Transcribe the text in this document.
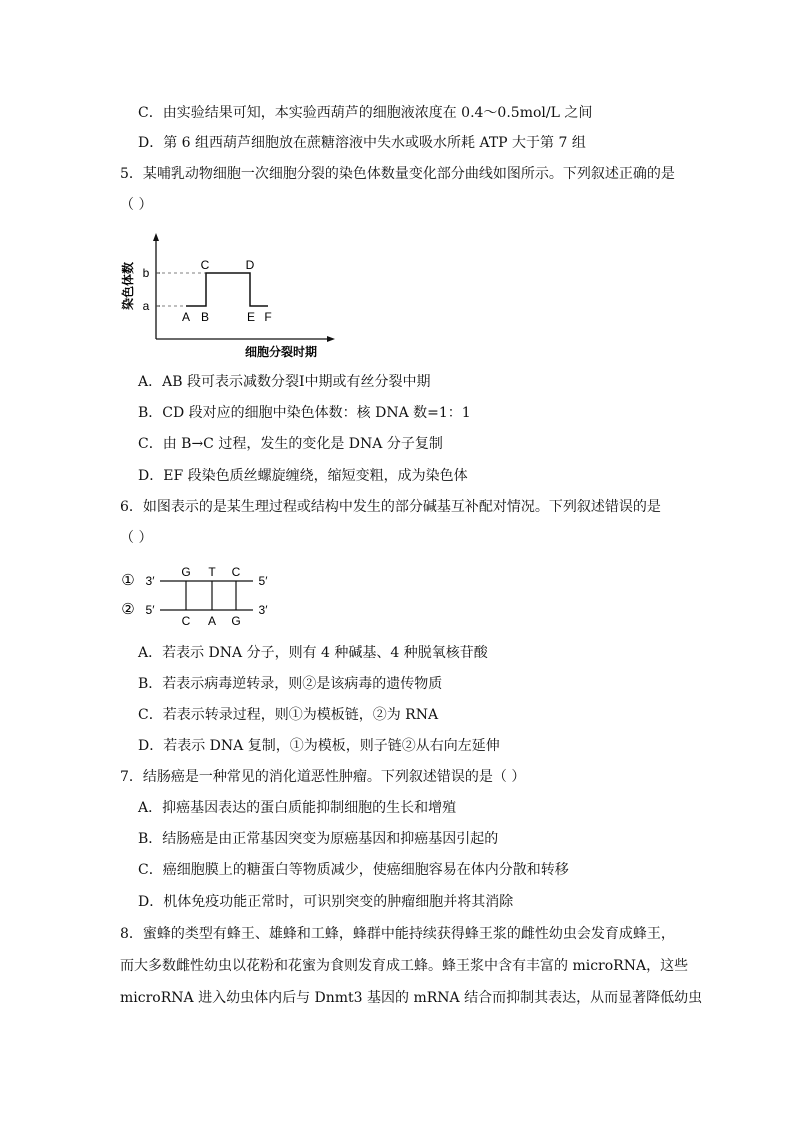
C．由实验结果可知，本实验西葫芦的细胞液浓度在 0.4～0.5mol/L 之间
D．第 6 组西葫芦细胞放在蔗糖溶液中失水或吸水所耗 ATP 大于第 7 组
5．某哺乳动物细胞一次细胞分裂的染色体数量变化部分曲线如图所示。下列叙述正确的是
（ ）
b
a
C	D
A B	E F
染色体数
细胞分裂时期
A．AB 段可表示减数分裂Ⅰ中期或有丝分裂中期
B．CD 段对应的细胞中染色体数：核 DNA 数=1：1
C．由 B→C 过程，发生的变化是 DNA 分子复制
D．EF 段染色质丝螺旋缠绕，缩短变粗，成为染色体
6．如图表示的是某生理过程或结构中发生的部分碱基互补配对情况。下列叙述错误的是
（ ）
①
②
3′	5′
5′	3′
G T C
C A G
A．若表示 DNA 分子，则有 4 种碱基、4 种脱氧核苷酸
B．若表示病毒逆转录，则②是该病毒的遗传物质
C．若表示转录过程，则①为模板链，②为 RNA
D．若表示 DNA 复制，①为模板，则子链②从右向左延伸
7．结肠癌是一种常见的消化道恶性肿瘤。下列叙述错误的是（ ）
A．抑癌基因表达的蛋白质能抑制细胞的生长和增殖
B．结肠癌是由正常基因突变为原癌基因和抑癌基因引起的
C．癌细胞膜上的糖蛋白等物质减少，使癌细胞容易在体内分散和转移
D．机体免疫功能正常时，可识别突变的肿瘤细胞并将其消除
8．蜜蜂的类型有蜂王、雄蜂和工蜂，蜂群中能持续获得蜂王浆的雌性幼虫会发育成蜂王，
而大多数雌性幼虫以花粉和花蜜为食则发育成工蜂。蜂王浆中含有丰富的 microRNA，这些
microRNA 进入幼虫体内后与 Dnmt3 基因的 mRNA 结合而抑制其表达，从而显著降低幼虫
